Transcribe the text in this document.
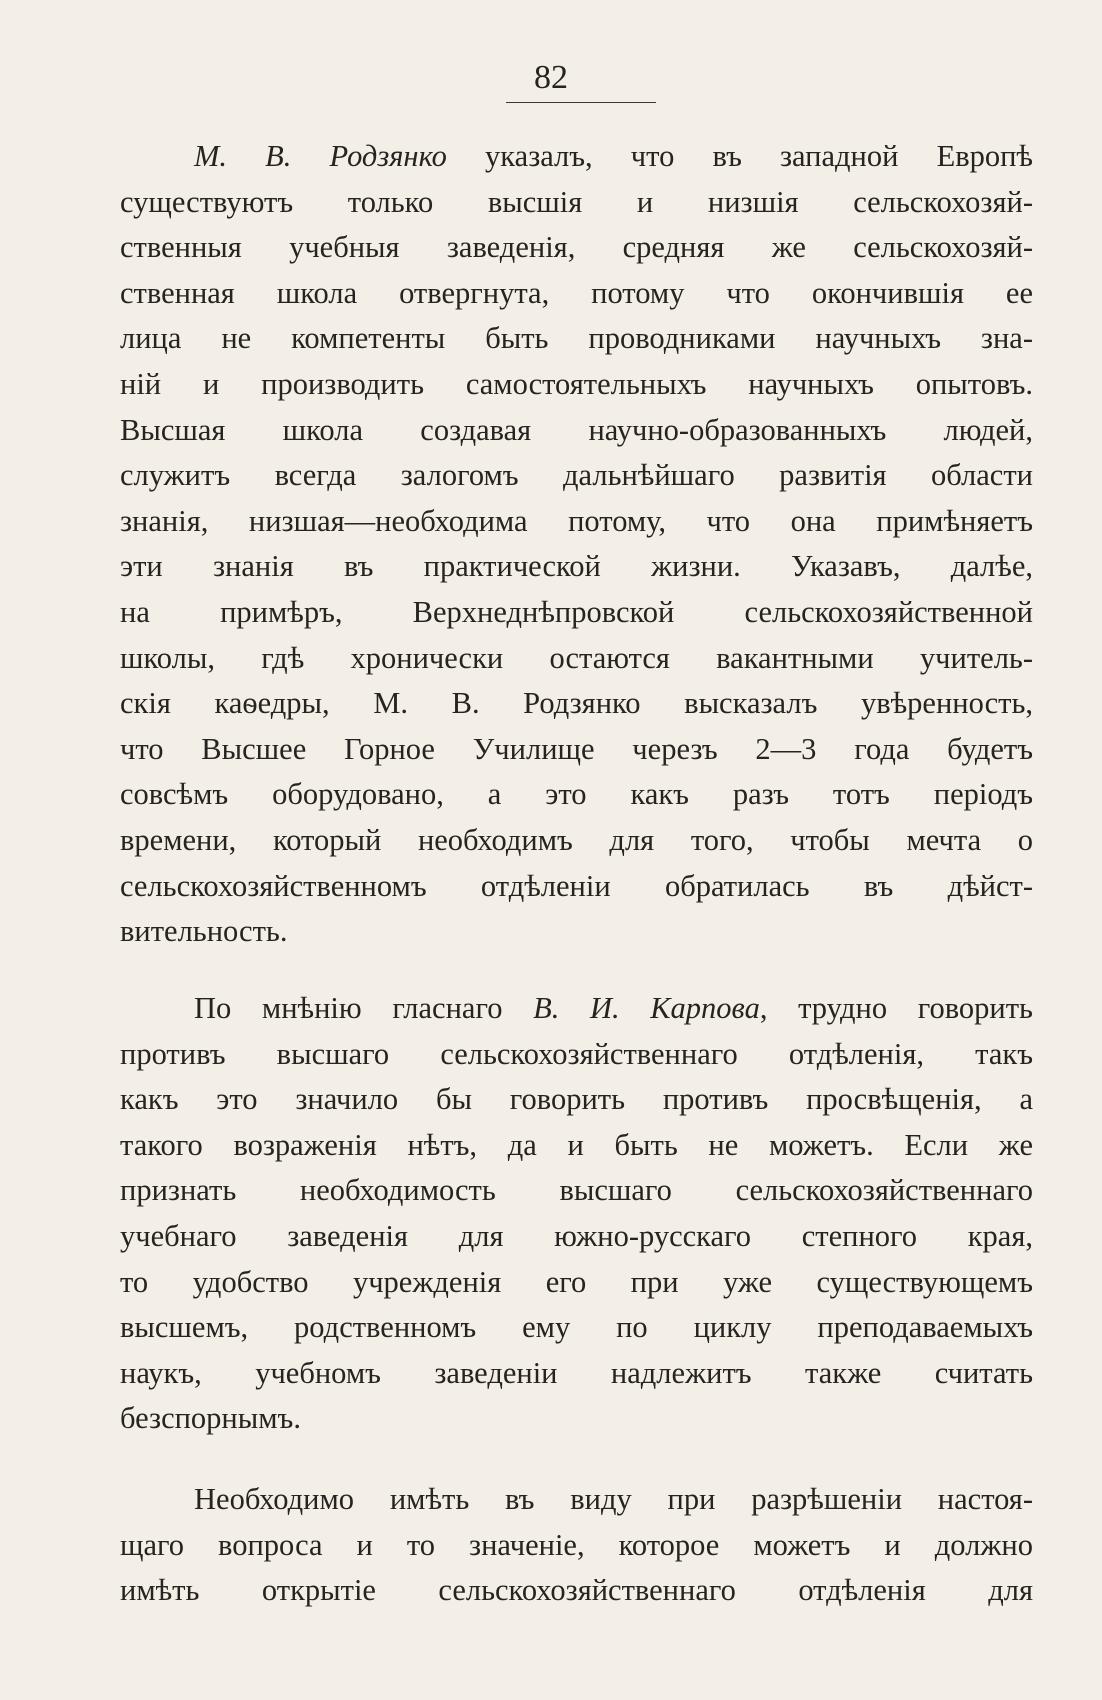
82
М. В. Родзянко указалъ, что въ западной Европѣ
существуютъ только высшія и низшія сельскохозяй-
ственныя учебныя заведенія, средняя же сельскохозяй-
ственная школа отвергнута, потому что окончившія ее
лица не компетенты быть проводниками научныхъ зна-
ній и производить самостоятельныхъ научныхъ опытовъ.
Высшая школа создавая научно-образованныхъ людей,
служитъ всегда залогомъ дальнѣйшаго развитія области
знанія, низшая—необходима потому, что она примѣняетъ
эти знанія въ практической жизни. Указавъ, далѣе,
на примѣръ, Верхнеднѣпровской сельскохозяйственной
школы, гдѣ хронически остаются вакантными учитель-
скія каѳедры, М. В. Родзянко высказалъ увѣренность,
что Высшее Горное Училище черезъ 2—3 года будетъ
совсѣмъ оборудовано, а это какъ разъ тотъ періодъ
времени, который необходимъ для того, чтобы мечта о
сельскохозяйственномъ отдѣленіи обратилась въ дѣйст-
вительность.
По мнѣнію гласнаго В. И. Карпова, трудно говорить
противъ высшаго сельскохозяйственнаго отдѣленія, такъ
какъ это значило бы говорить противъ просвѣщенія, а
такого возраженія нѣтъ, да и быть не можетъ. Если же
признать необходимость высшаго сельскохозяйственнаго
учебнаго заведенія для южно-русскаго степного края,
то удобство учрежденія его при уже существующемъ
высшемъ, родственномъ ему по циклу преподаваемыхъ
наукъ, учебномъ заведеніи надлежитъ также считать
безспорнымъ.
Необходимо имѣть въ виду при разрѣшеніи настоя-
щаго вопроса и то значеніе, которое можетъ и должно
имѣть открытіе сельскохозяйственнаго отдѣленія для
